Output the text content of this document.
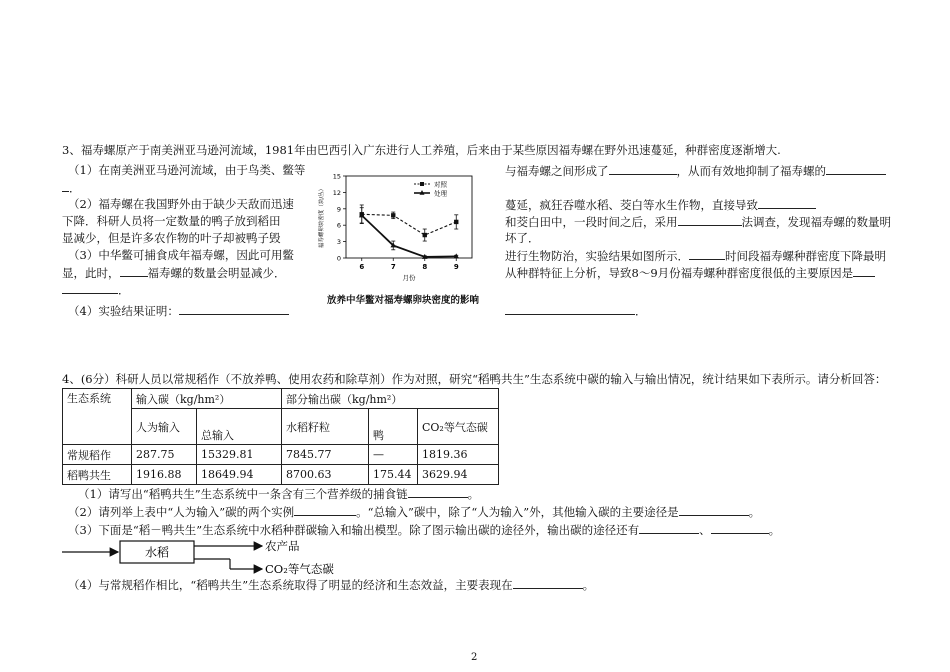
3、福寿螺原产于南美洲亚马逊河流域，1981年由巴西引入广东进行人工养殖，后来由于某些原因福寿螺在野外迅速蔓延，种群密度逐渐增大.
（1）在南美洲亚马逊河流域，由于鸟类、鳖等	与福寿螺之间形成了	，从而有效地抑制了福寿螺的
．
（2）福寿螺在我国野外由于缺少天敌而迅速	蔓延，疯狂吞噬水稻、茭白等水生作物，直接导致
下降．科研人员将一定数量的鸭子放到稻田	和茭白田中，一段时间之后，采用	法调查，发现福寿螺的数量明
显减少，但是许多农作物的叶子却被鸭子毁	坏了．
（3）中华鳖可捕食成年福寿螺，因此可用鳖	进行生物防治，实验结果如图所示．	时间段福寿螺种群密度下降最明
显，此时， 福寿螺的数量会明显减少．	从种群特征上分析，导致8～9月份福寿螺种群密度很低的主要原因是
．
（4）实验结果证明：	．
0
3
6
9
12
15
6	7	8	9
月份
福寿螺卵块密度（块/丛）
对照
处理
放养中华鳖对福寿螺卵块密度的影响
4、(6分）科研人员以常规稻作（不放养鸭、使用农药和除草剂）作为对照，研究“稻鸭共生”生态系统中碳的输入与输出情况，统计结果如下表所示。请分析回答：
生态系统	输入碳（kg/hm²）		部分输出碳（kg/hm²）		
	人为输入	总输入	水稻籽粒	鸭	CO₂等气态碳
常规稻作	287.75	15329.81	7845.77	—	1819.36
稻鸭共生	1916.88	18649.94	8700.63	175.44	3629.94
（1）请写出“稻鸭共生”生态系统中一条含有三个营养级的捕食链	。
（2）请列举上表中“人为输入”碳的两个实例	。“总输入”碳中，除了“人为输入”外，其他输入碳的主要途径是	。
（3）下面是“稻－鸭共生”生态系统中水稻种群碳输入和输出模型。除了图示输出碳的途径外，输出碳的途径还有	、	。
水稻	农产品
CO₂等气态碳
（4）与常规稻作相比，“稻鸭共生”生态系统取得了明显的经济和生态效益，主要表现在	。
2
